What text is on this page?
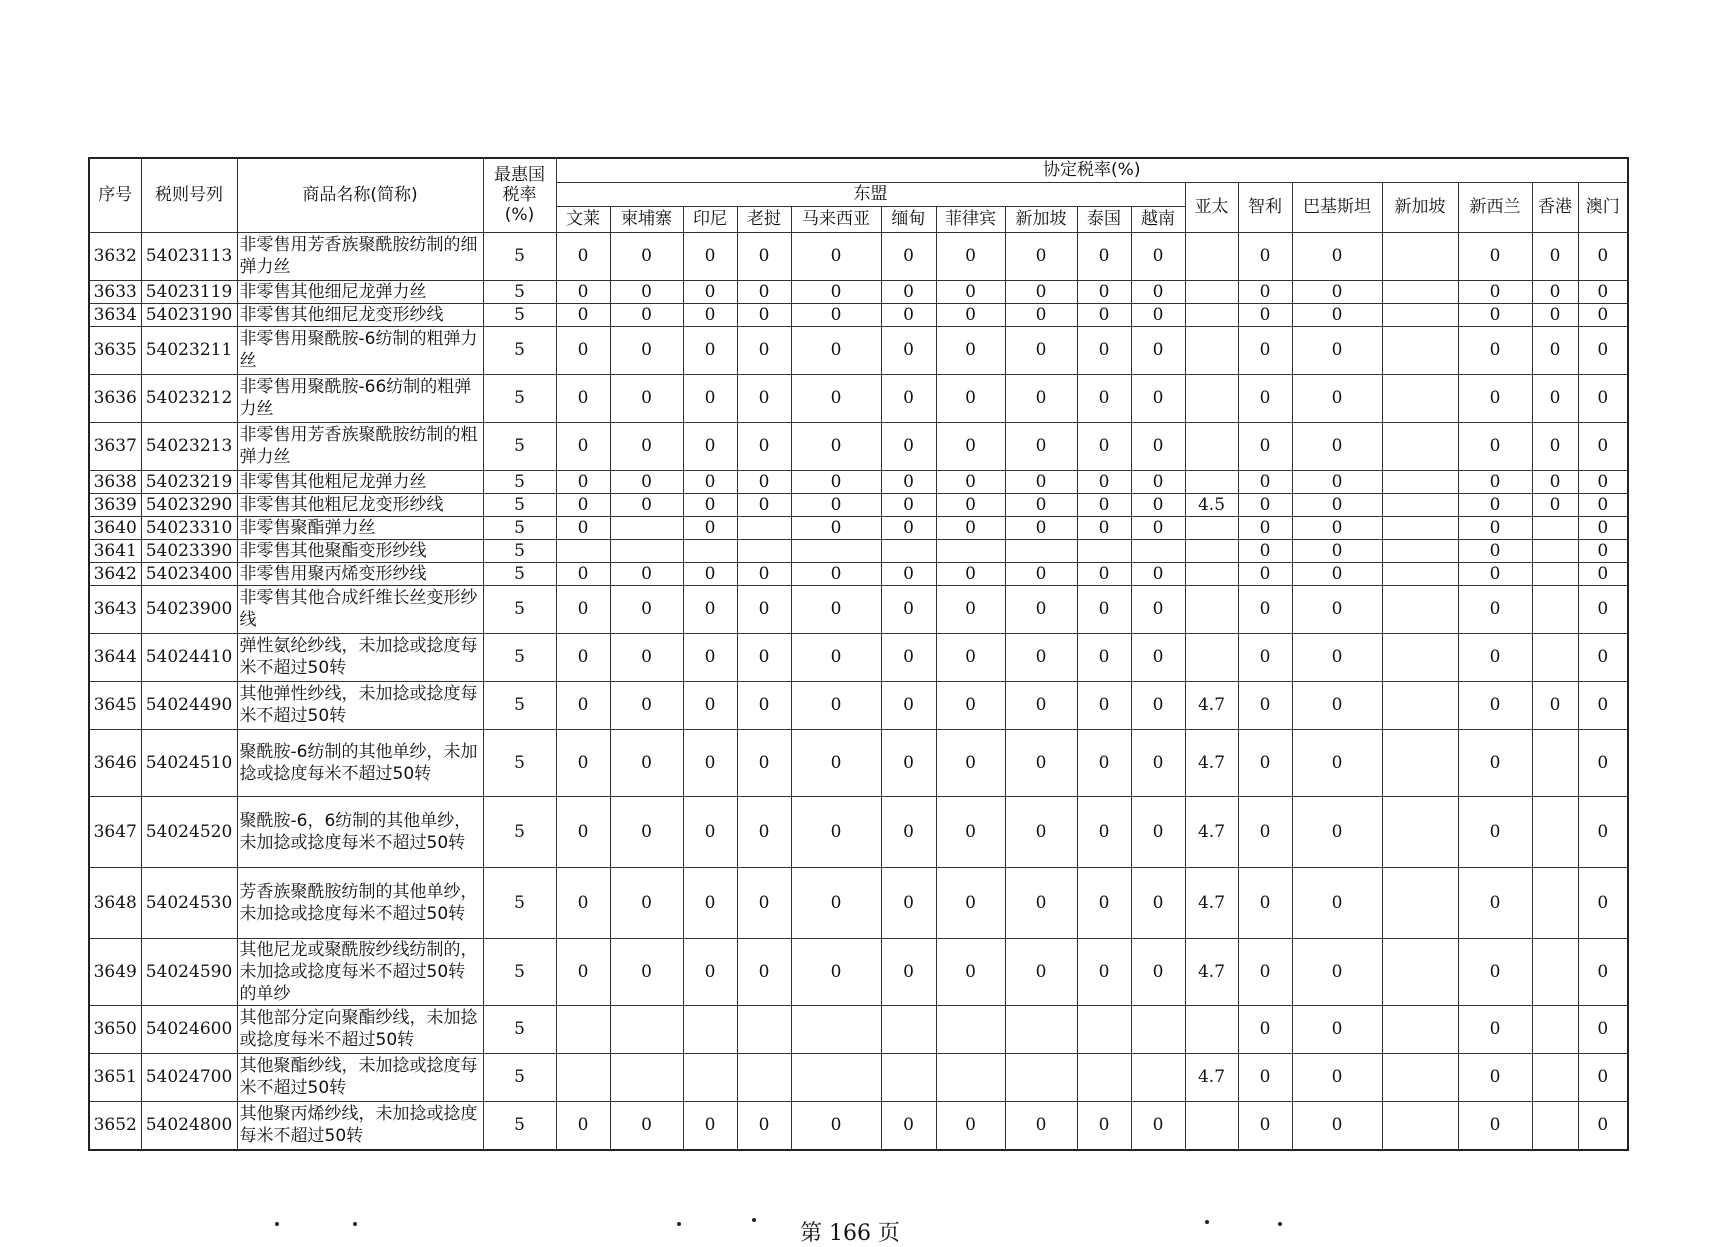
序号	税则号列	商品名称(简称)	最惠国税率(%)	协定税率(%)																
				东盟										亚太	智利	巴基斯坦	新加坡	新西兰	香港	澳门
				文莱	柬埔寨	印尼	老挝	马来西亚	缅甸	菲律宾	新加坡	泰国	越南							
3632	54023113	非零售用芳香族聚酰胺纺制的细弹力丝	5	0	0	0	0	0	0	0	0	0	0		0	0		0	0	0
3633	54023119	非零售其他细尼龙弹力丝	5	0	0	0	0	0	0	0	0	0	0		0	0		0	0	0
3634	54023190	非零售其他细尼龙变形纱线	5	0	0	0	0	0	0	0	0	0	0		0	0		0	0	0
3635	54023211	非零售用聚酰胺-6纺制的粗弹力丝	5	0	0	0	0	0	0	0	0	0	0		0	0		0	0	0
3636	54023212	非零售用聚酰胺-66纺制的粗弹力丝	5	0	0	0	0	0	0	0	0	0	0		0	0		0	0	0
3637	54023213	非零售用芳香族聚酰胺纺制的粗弹力丝	5	0	0	0	0	0	0	0	0	0	0		0	0		0	0	0
3638	54023219	非零售其他粗尼龙弹力丝	5	0	0	0	0	0	0	0	0	0	0		0	0		0	0	0
3639	54023290	非零售其他粗尼龙变形纱线	5	0	0	0	0	0	0	0	0	0	0	4.5	0	0		0	0	0
3640	54023310	非零售聚酯弹力丝	5	0		0		0	0	0	0	0	0		0	0		0		0
3641	54023390	非零售其他聚酯变形纱线	5												0	0		0		0
3642	54023400	非零售用聚丙烯变形纱线	5	0	0	0	0	0	0	0	0	0	0		0	0		0		0
3643	54023900	非零售其他合成纤维长丝变形纱线	5	0	0	0	0	0	0	0	0	0	0		0	0		0		0
3644	54024410	弹性氨纶纱线，未加捻或捻度每米不超过50转	5	0	0	0	0	0	0	0	0	0	0		0	0		0		0
3645	54024490	其他弹性纱线，未加捻或捻度每米不超过50转	5	0	0	0	0	0	0	0	0	0	0	4.7	0	0		0	0	0
3646	54024510	聚酰胺-6纺制的其他单纱，未加捻或捻度每米不超过50转	5	0	0	0	0	0	0	0	0	0	0	4.7	0	0		0		0
3647	54024520	聚酰胺-6，6纺制的其他单纱，未加捻或捻度每米不超过50转	5	0	0	0	0	0	0	0	0	0	0	4.7	0	0		0		0
3648	54024530	芳香族聚酰胺纺制的其他单纱，未加捻或捻度每米不超过50转	5	0	0	0	0	0	0	0	0	0	0	4.7	0	0		0		0
3649	54024590	其他尼龙或聚酰胺纱线纺制的，未加捻或捻度每米不超过50转的单纱	5	0	0	0	0	0	0	0	0	0	0	4.7	0	0		0		0
3650	54024600	其他部分定向聚酯纱线，未加捻或捻度每米不超过50转	5												0	0		0		0
3651	54024700	其他聚酯纱线，未加捻或捻度每米不超过50转	5											4.7	0	0		0		0
3652	54024800	其他聚丙烯纱线，未加捻或捻度每米不超过50转	5	0	0	0	0	0	0	0	0	0	0		0	0		0		0
第 166 页
